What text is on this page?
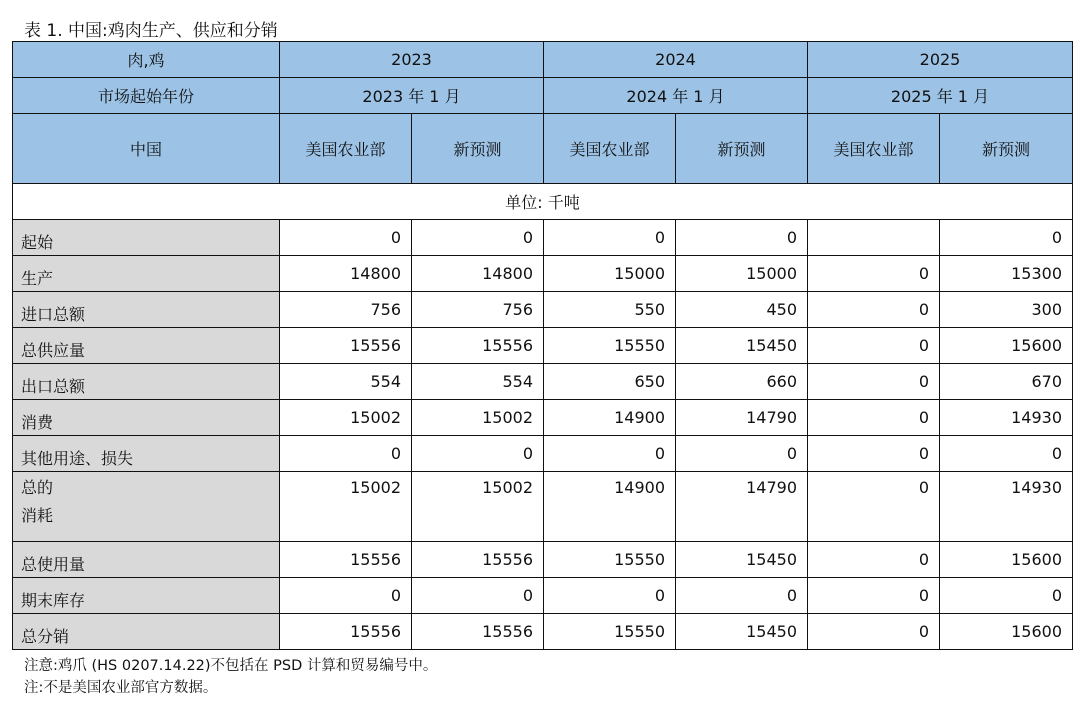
表 1. 中国:鸡肉生产、供应和分销
肉,鸡	2023		2024		2025	
市场起始年份	2023 年 1 月		2024 年 1 月		2025 年 1 月	
中国	美国农业部	新预测	美国农业部	新预测	美国农业部	新预测
单位: 千吨						
起始	0	0	0	0		0
生产	14800	14800	15000	15000	0	15300
进口总额	756	756	550	450	0	300
总供应量	15556	15556	15550	15450	0	15600
出口总额	554	554	650	660	0	670
消费	15002	15002	14900	14790	0	14930
其他用途、损失	0	0	0	0	0	0
总的
消耗	15002	15002	14900	14790	0	14930
总使用量	15556	15556	15550	15450	0	15600
期末库存	0	0	0	0	0	0
总分销	15556	15556	15550	15450	0	15600
注意:鸡爪 (HS 0207.14.22)不包括在 PSD 计算和贸易编号中。
注:不是美国农业部官方数据。
